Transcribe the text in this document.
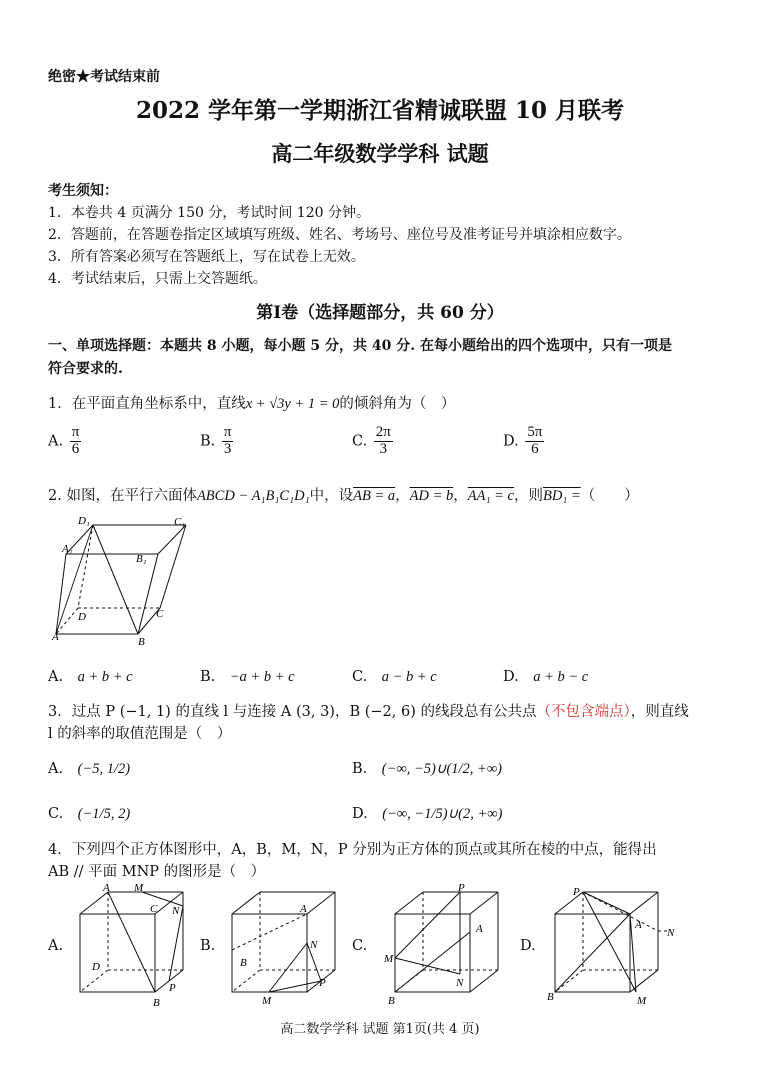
绝密★考试结束前
2022 学年第一学期浙江省精诚联盟 10 月联考
高二年级数学学科 试题
考生须知：
1．本卷共 4 页满分 150 分，考试时间 120 分钟。
2．答题前，在答题卷指定区域填写班级、姓名、考场号、座位号及准考证号并填涂相应数字。
3．所有答案必须写在答题纸上，写在试卷上无效。
4．考试结束后，只需上交答题纸。
第Ⅰ卷（选择题部分，共 60 分）
一、单项选择题：本题共 8 小题，每小题 5 分，共 40 分. 在每小题给出的四个选项中，只有一项是
符合要求的.
1．在平面直角坐标系中，直线x + √3y + 1 = 0的倾斜角为（　）
A. $\frac{\pi}{6}$	B. $\frac{\pi}{3}$	C. $\frac{2\pi}{3}$	D. $\frac{5\pi}{6}$
2. 如图，在平行六面体ABCD − A₁B₁C₁D₁中，设AB = a，AD = b，AA₁ = c，则BD₁ =（　　）
D₁	C₁
A₁
B₁
D	C
A	B
A.　 a + b + c	B.　 −a + b + c	C.　 a − b + c	D.　 a + b − c
3．过点 P (−1, 1) 的直线 l 与连接 A (3, 3)，B (−2, 6) 的线段总有公共点（不包含端点），则直线
l 的斜率的取值范围是（　）
A.　 (−5, 1/2)	B.　 (−∞, −5)∪(1/2, +∞)
C.　 (−1/5, 2)	D.　 (−∞, −1/5)∪(2, +∞)
4．下列四个正方体图形中，A，B，M，N，P 分别为正方体的顶点或其所在棱的中点，能得出
AB // 平面 MNP 的图形是（　）
A.	B.	C.	D.
A M
C N
D
P
B
A
N
B
P
M
P
A
M
N
B
P
A
N
B	M
高二数学学科 试题 第1页(共 4 页)
